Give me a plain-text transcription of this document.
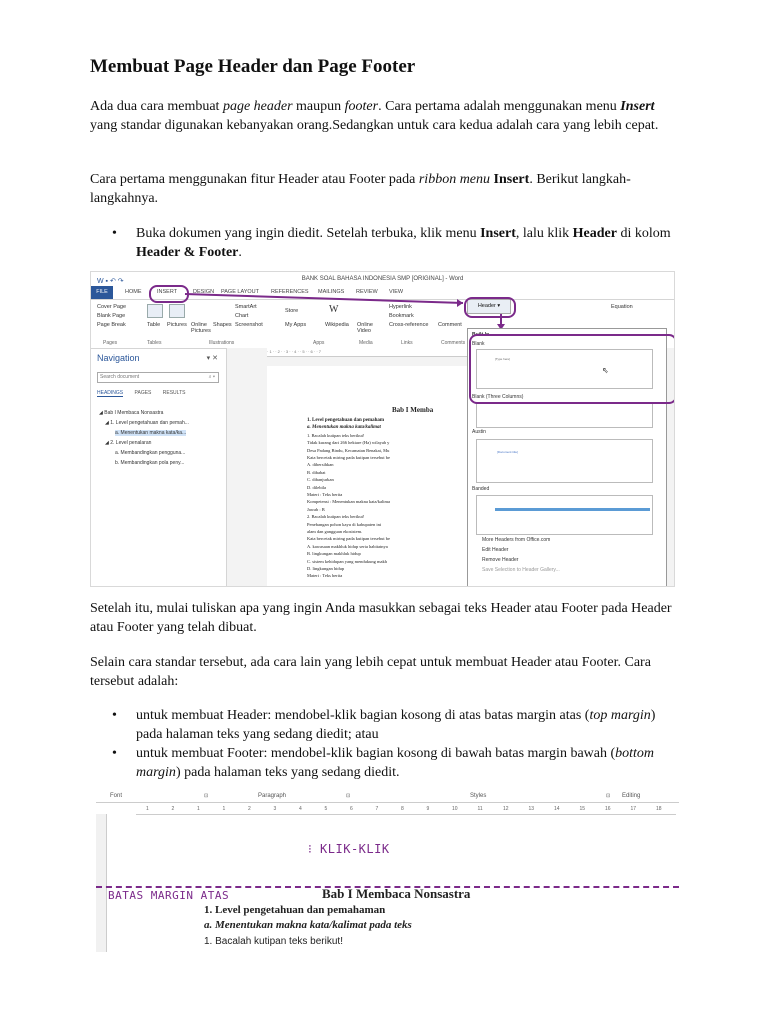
Membuat Page Header dan Page Footer

Ada dua cara membuat page header maupun footer. Cara pertama adalah menggunakan menu Insert yang standar digunakan kebanyakan orang.Sedangkan untuk cara kedua adalah cara yang lebih cepat.

Cara pertama menggunakan fitur Header atau Footer pada ribbon menu Insert. Berikut langkah-langkahnya.

• Buka dokumen yang ingin diedit. Setelah terbuka, klik menu Insert, lalu klik Header di kolom Header & Footer.

Setelah itu, mulai tuliskan apa yang ingin Anda masukkan sebagai teks Header atau Footer pada Header atau Footer yang telah dibuat.

Selain cara standar tersebut, ada cara lain yang lebih cepat untuk membuat Header atau Footer. Cara tersebut adalah:

• untuk membuat Header: mendobel-klik bagian kosong di atas batas margin atas (top margin) pada halaman teks yang sedang diedit; atau
• untuk membuat Footer: mendobel-klik bagian kosong di bawah batas margin bawah (bottom margin) pada halaman teks yang sedang diedit.
W ▪ ↶ ↷	BANK SOAL BAHASA INDONESIA SMP [ORIGINAL] - Word
FILE	HOME	INSERT	DESIGN PAGE LAYOUT REFERENCES MAILINGS REVIEW VIEW
Cover Page
Blank Page
Page Break	Table Pictures Online Pictures
Shapes
SmartArt
Chart
Screenshot
Store
My Apps
W
Wikipedia Online Video
Hyperlink
Bookmark
Cross-reference Comment
Equation
Pages	Tables	Illustrations	Apps	Media	Links	Comments
Header ▾
Navigation	▾ ✕
Search document	⌕ ▾
HEADINGS PAGES RESULTS
◢ Bab I Membaca Nonsastra
◢ 1. Level pengetahuan dan pemah...
a. Menentukan makna kata/ka...
◢ 2. Level penalaran
a. Membandingkan pengguna...
b. Membandingkan pola peny...
· 1 · · 2 · · 3 · · 4 · · 5 · · 6 · · 7
Bab I Memba
1. Level pengetahuan dan pemaham
a. Menentukan makna kata/kalimat
1. Bacalah kutipan teks berikut!
Tidak kurang dari 266 hektare (Ha) wilayah y
Desa Padang Bindu, Kecamatan Benakat, Mu
Kata bercetak miring pada kutipan tersebut be
A. dibersihkan
B. dibabat
C. dibanjurkan
D. dilebila
Materi : Teks berita
Kompetensi : Menentukan makna kata/kalima
Jawab : B
2. Bacalah kutipan teks berikut!
Penebangan pohon kayu di kabupaten ini
alam dan gangguan ekosistem.
Kata bercetak miring pada kutipan tersebut be
A. kawasaan makhluk hidup serta habitatnya
B. lingkungan makhluk hidup
C. sistem kehidupan yang mendukung makh
D. lingkungan hidup
Materi : Teks berita
Built-In
Blank
[Type here]
⇖
Blank (Three Columns)
Austin
[Document title]
Banded
More Headers from Office.com
Edit Header
Remove Header
Save Selection to Header Gallery...
Font	⊡	Paragraph	⊡	Styles	⊡ Editing
1	2	1	1	2	3	4	5	6	7	8	9	10	11	12	13	14	15	16	17	18
⁝ KLIK-KLIK
BATAS MARGIN ATAS	Bab I Membaca Nonsastra
1. Level pengetahuan dan pemahaman
a. Menentukan makna kata/kalimat pada teks
1. Bacalah kutipan teks berikut!
